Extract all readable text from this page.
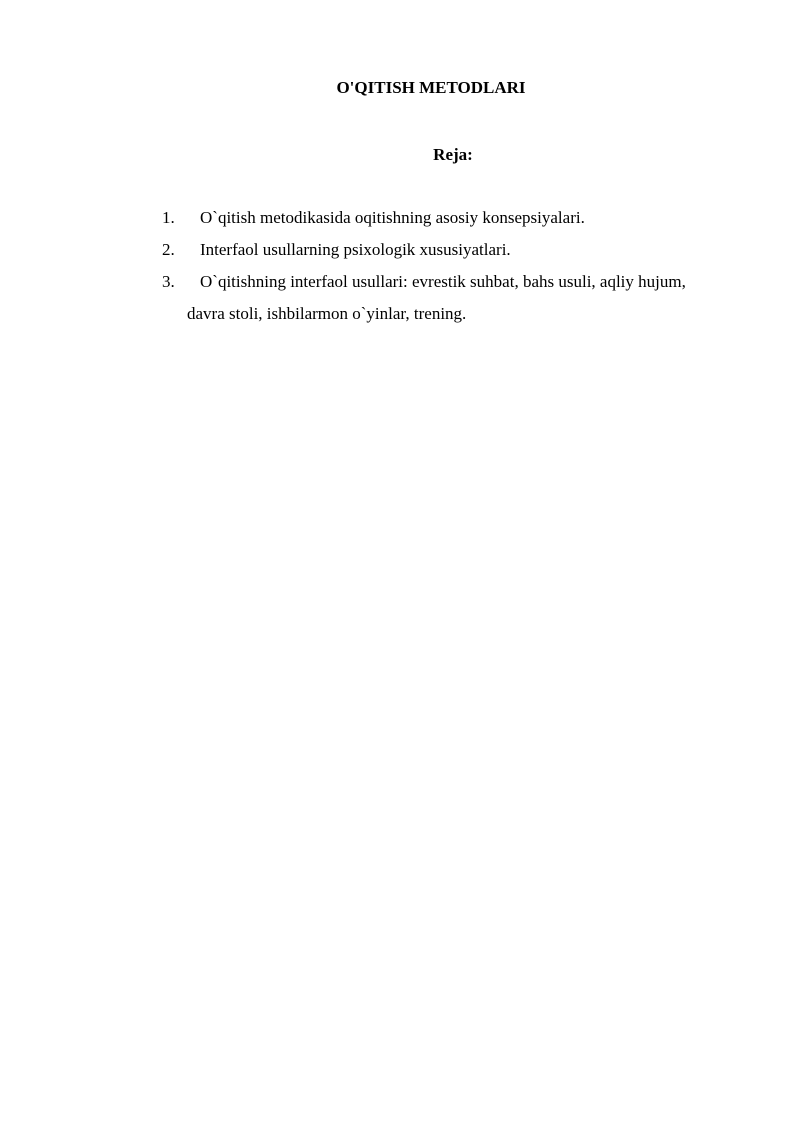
O'QITISH METODLARI
Reja:
1. O`qitish metodikasida oqitishning asosiy konsepsiyalari.
2. Interfaol usullarning psixologik xususiyatlari.
3.	O`qitishning interfaol usullari: evrestik suhbat, bahs usuli, aqliy hujum,
davra stoli, ishbilarmon o`yinlar, trening.
